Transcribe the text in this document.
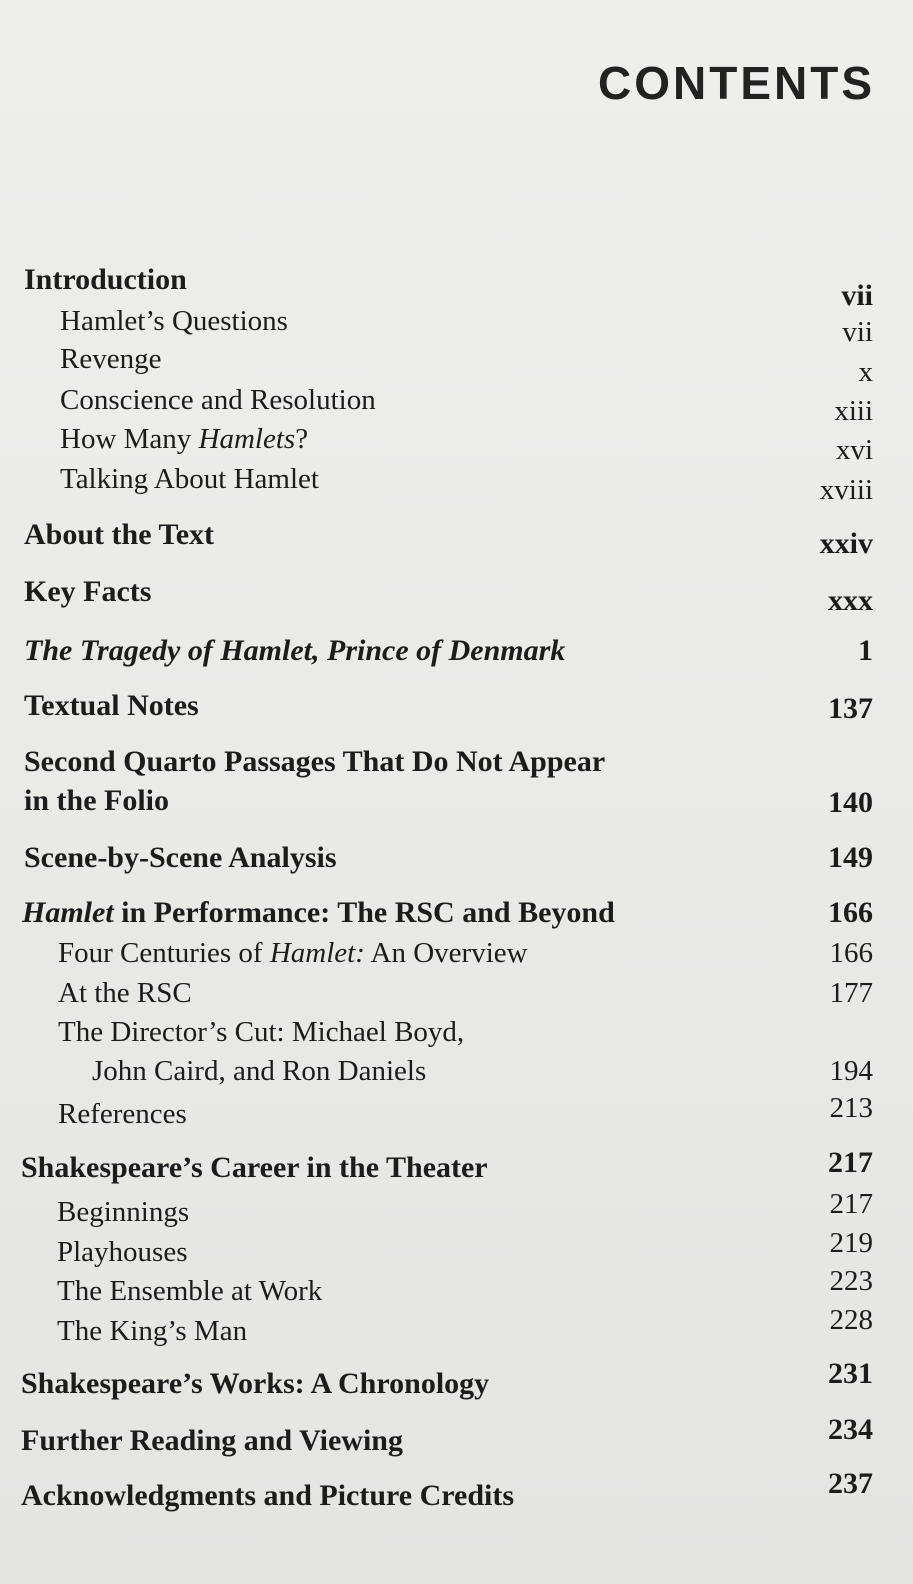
CONTENTS
Introduction	vii
Hamlet’s Questions	vii
Revenge	x
Conscience and Resolution	xiii
How Many Hamlets?	xvi
Talking About Hamlet	xviii
About the Text	xxiv
Key Facts	xxx
The Tragedy of Hamlet, Prince of Denmark	1
Textual Notes	137
Second Quarto Passages That Do Not Appear
in the Folio	140
Scene-by-Scene Analysis	149
Hamlet in Performance: The RSC and Beyond	166
Four Centuries of Hamlet: An Overview	166
At the RSC	177
The Director’s Cut: Michael Boyd,
John Caird, and Ron Daniels	194
References	213
Shakespeare’s Career in the Theater	217
Beginnings	217
Playhouses	219
The Ensemble at Work	223
The King’s Man	228
Shakespeare’s Works: A Chronology	231
Further Reading and Viewing	234
Acknowledgments and Picture Credits	237
